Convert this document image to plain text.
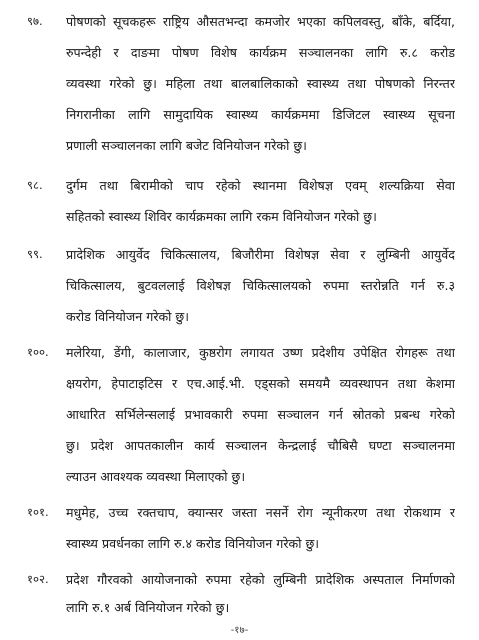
९७.	पोषणको सूचकहरू राष्ट्रिय औसतभन्दा कमजोर भएका कपिलवस्तु, बाँके, बर्दिया,
रुपन्देही र दाङमा पोषण विशेष कार्यक्रम सञ्चालनका लागि रु.८ करोड
व्यवस्था गरेको छु। महिला तथा बालबालिकाको स्वास्थ्य तथा पोषणको निरन्तर
निगरानीका लागि सामुदायिक स्वास्थ्य कार्यक्रममा डिजिटल स्वास्थ्य सूचना
प्रणाली सञ्चालनका लागि बजेट विनियोजन गरेको छु।
९८.	दुर्गम तथा बिरामीको चाप रहेको स्थानमा विशेषज्ञ एवम् शल्यक्रिया सेवा
सहितको स्वास्थ्य शिविर कार्यक्रमका लागि रकम विनियोजन गरेको छु।
९९.	प्रादेशिक आयुर्वेद चिकित्सालय, बिजौरीमा विशेषज्ञ सेवा र लुम्बिनी आयुर्वेद
चिकित्सालय, बुटवललाई विशेषज्ञ चिकित्सालयको रुपमा स्तरोन्नति गर्न रु.३
करोड विनियोजन गरेको छु।
१००.	मलेरिया, डेंगी, कालाजार, कुष्ठरोग लगायत उष्ण प्रदेशीय उपेक्षित रोगहरू तथा
क्षयरोग, हेपाटाइटिस र एच.आई.भी. एड्सको समयमै व्यवस्थापन तथा केशमा
आधारित सर्भिलेन्सलाई प्रभावकारी रुपमा सञ्चालन गर्न स्रोतको प्रबन्ध गरेको
छु। प्रदेश आपतकालीन कार्य सञ्चालन केन्द्रलाई चौबिसै घण्टा सञ्चालनमा
ल्याउन आवश्यक व्यवस्था मिलाएको छु।
१०१.	मधुमेह, उच्च रक्तचाप, क्यान्सर जस्ता नसर्ने रोग न्यूनीकरण तथा रोकथाम र
स्वास्थ्य प्रवर्धनका लागि रु.४ करोड विनियोजन गरेको छु।
१०२.	प्रदेश गौरवको आयोजनाको रुपमा रहेको लुम्बिनी प्रादेशिक अस्पताल निर्माणको
लागि रु.१ अर्ब विनियोजन गरेको छु।
-१७-
